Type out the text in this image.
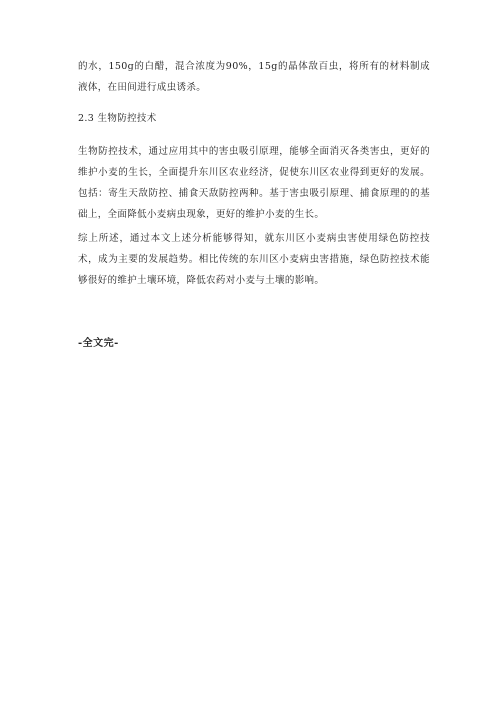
的水，150g的白醋，混合浓度为90%，15g的晶体敌百虫，将所有的材料制成液体，在田间进行成虫诱杀。

2.3 生物防控技术

生物防控技术，通过应用其中的害虫吸引原理，能够全面消灭各类害虫，更好的维护小麦的生长，全面提升东川区农业经济，促使东川区农业得到更好的发展。包括：寄生天敌防控、捕食天敌防控两种。基于害虫吸引原理、捕食原理的的基础上，全面降低小麦病虫现象，更好的维护小麦的生长。

综上所述，通过本文上述分析能够得知，就东川区小麦病虫害使用绿色防控技术，成为主要的发展趋势。相比传统的东川区小麦病虫害措施，绿色防控技术能够很好的维护土壤环境，降低农药对小麦与土壤的影响。

-全文完-
